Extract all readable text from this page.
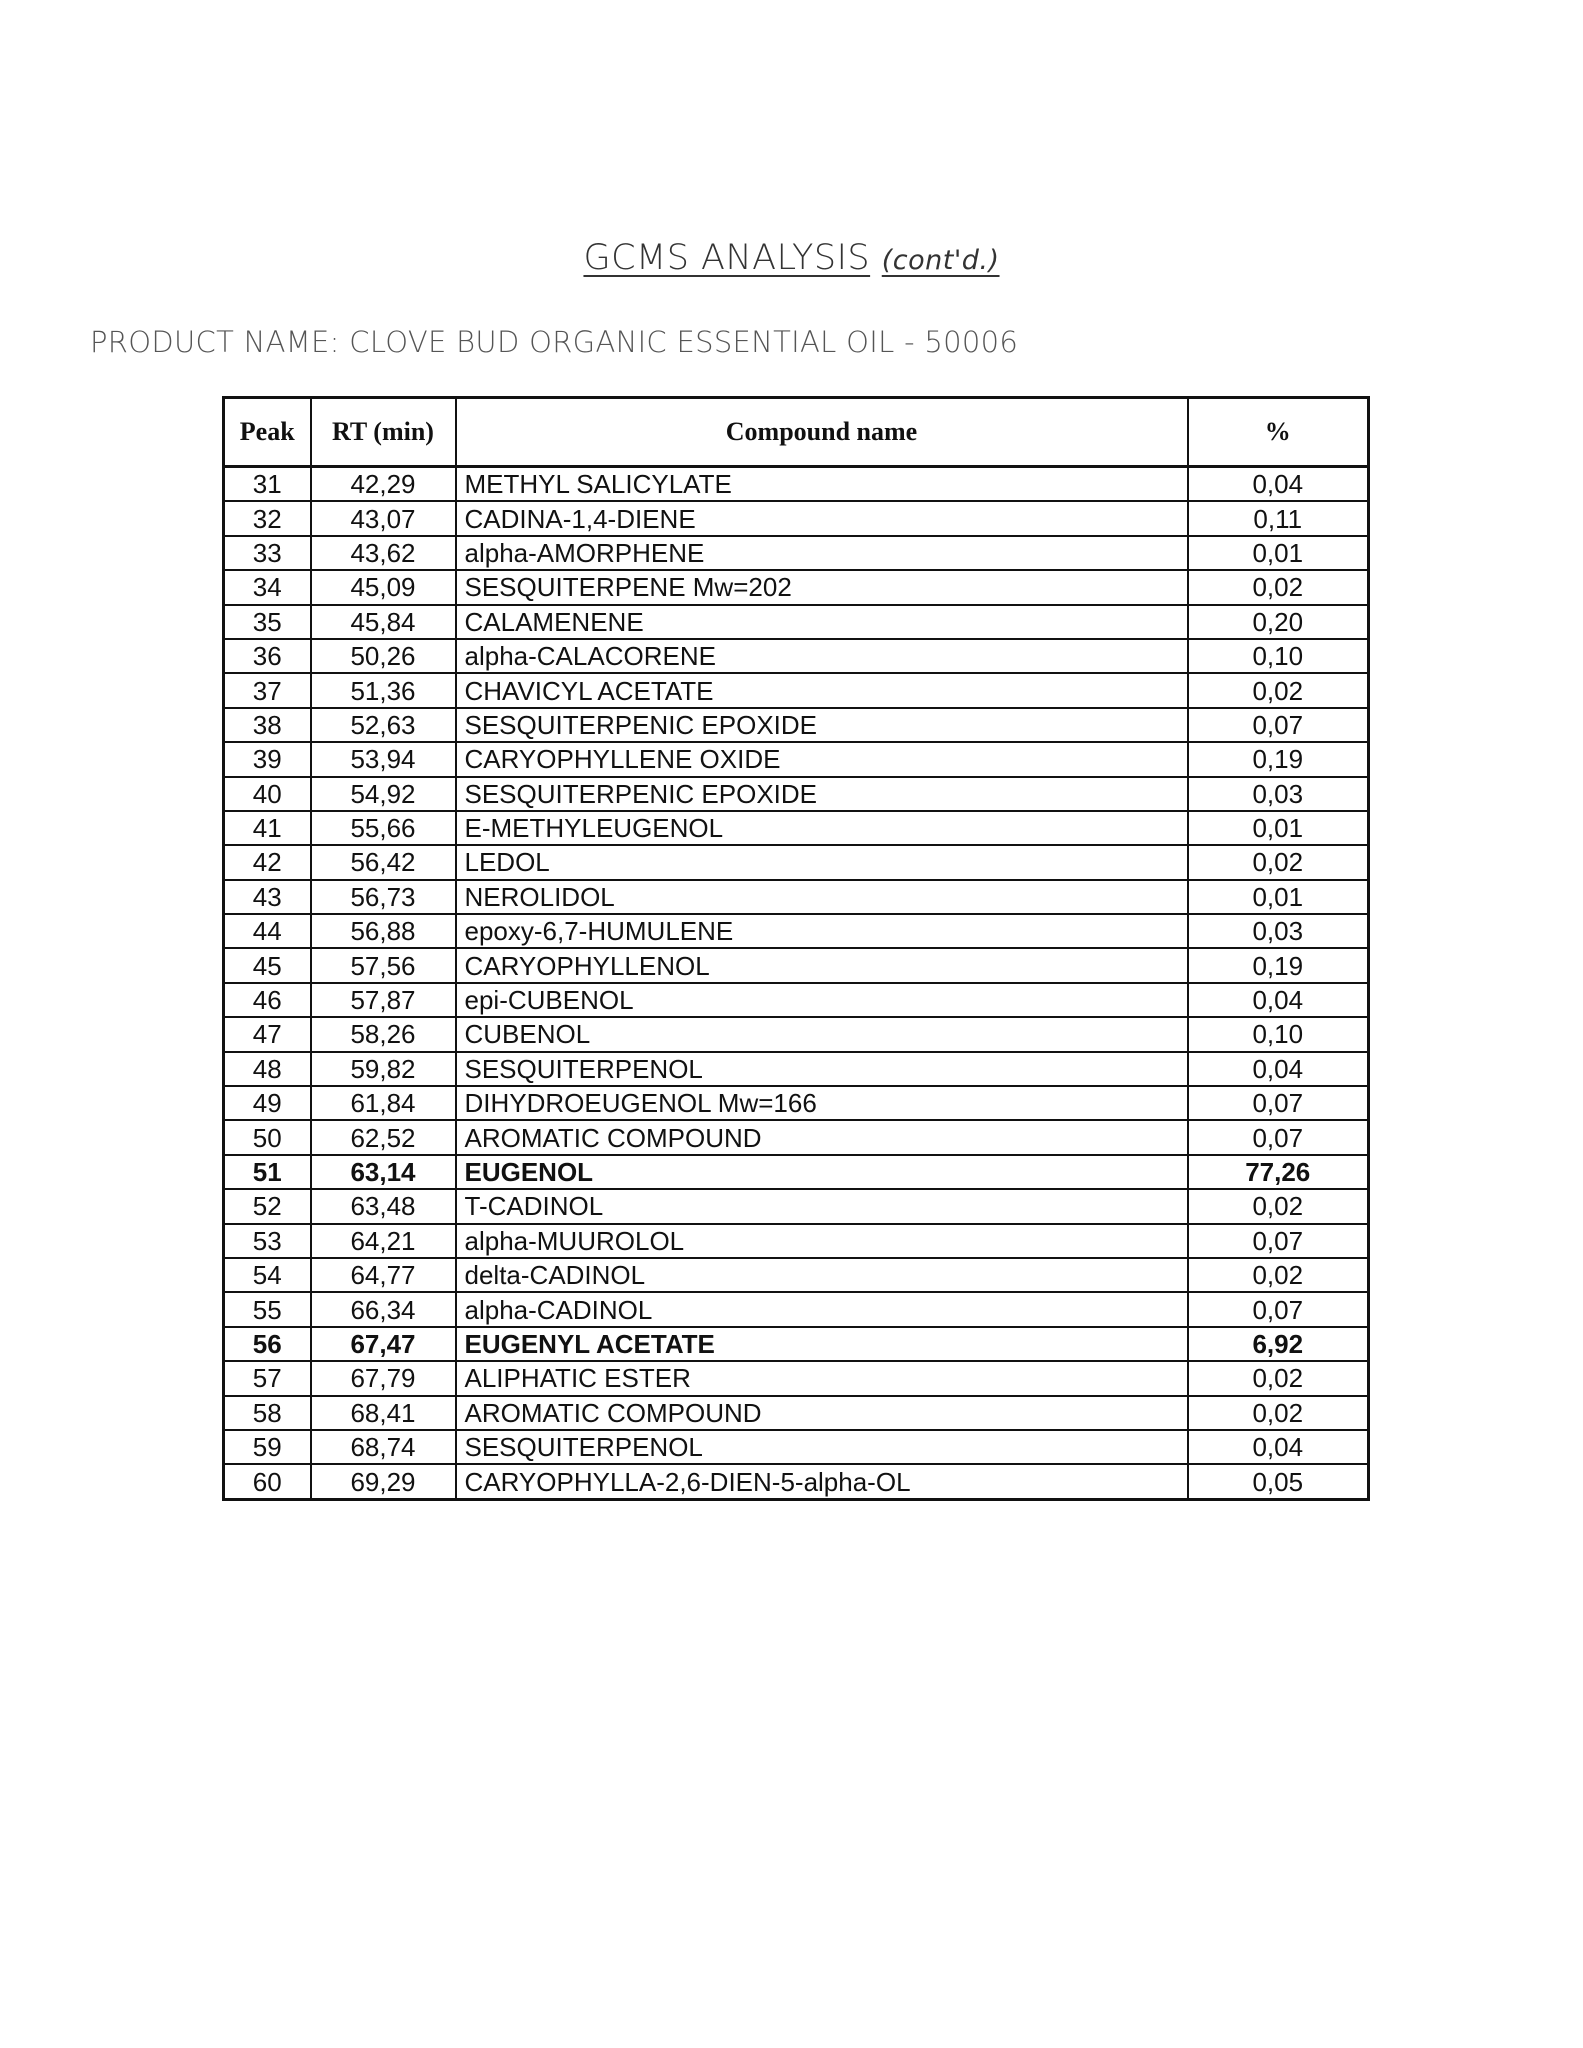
GCMS ANALYSIS (cont'd.)
PRODUCT NAME: CLOVE BUD ORGANIC ESSENTIAL OIL - 50006
Peak	RT (min)	Compound name	%
31	42,29	METHYL SALICYLATE	0,04
32	43,07	CADINA-1,4-DIENE	0,11
33	43,62	alpha-AMORPHENE	0,01
34	45,09	SESQUITERPENE Mw=202	0,02
35	45,84	CALAMENENE	0,20
36	50,26	alpha-CALACORENE	0,10
37	51,36	CHAVICYL ACETATE	0,02
38	52,63	SESQUITERPENIC EPOXIDE	0,07
39	53,94	CARYOPHYLLENE OXIDE	0,19
40	54,92	SESQUITERPENIC EPOXIDE	0,03
41	55,66	E-METHYLEUGENOL	0,01
42	56,42	LEDOL	0,02
43	56,73	NEROLIDOL	0,01
44	56,88	epoxy-6,7-HUMULENE	0,03
45	57,56	CARYOPHYLLENOL	0,19
46	57,87	epi-CUBENOL	0,04
47	58,26	CUBENOL	0,10
48	59,82	SESQUITERPENOL	0,04
49	61,84	DIHYDROEUGENOL Mw=166	0,07
50	62,52	AROMATIC COMPOUND	0,07
51	63,14	EUGENOL	77,26
52	63,48	T-CADINOL	0,02
53	64,21	alpha-MUUROLOL	0,07
54	64,77	delta-CADINOL	0,02
55	66,34	alpha-CADINOL	0,07
56	67,47	EUGENYL ACETATE	6,92
57	67,79	ALIPHATIC ESTER	0,02
58	68,41	AROMATIC COMPOUND	0,02
59	68,74	SESQUITERPENOL	0,04
60	69,29	CARYOPHYLLA-2,6-DIEN-5-alpha-OL	0,05
